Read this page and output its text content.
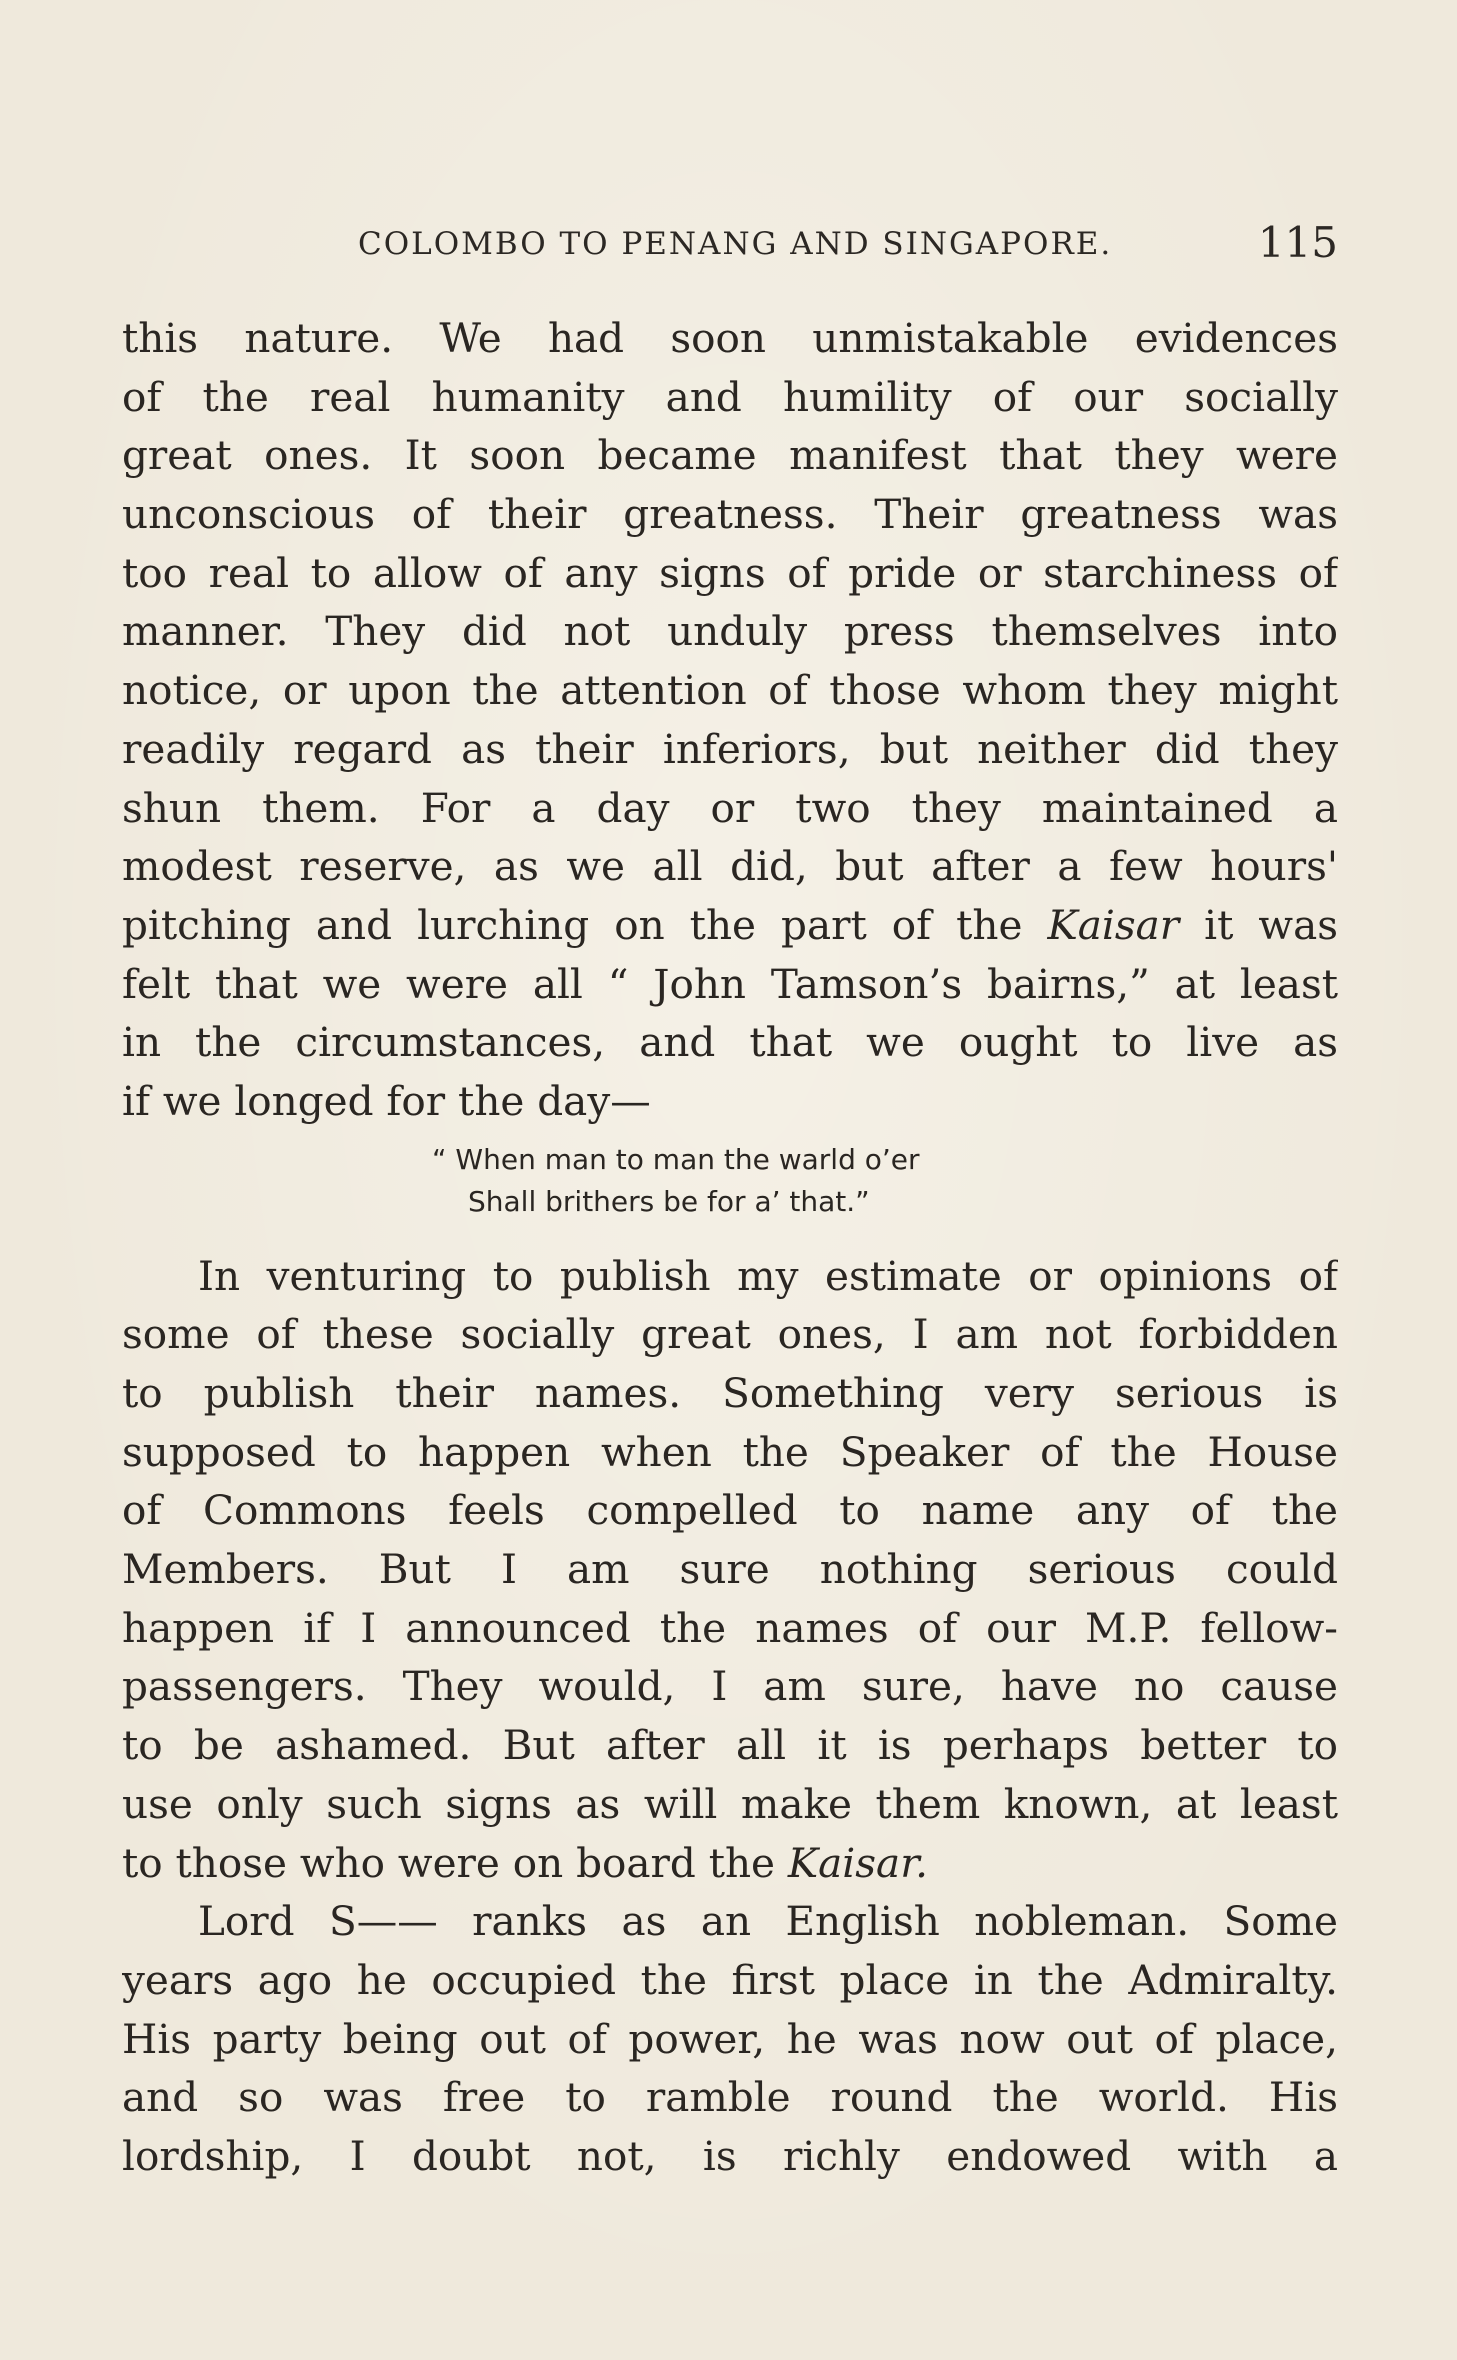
COLOMBO TO PENANG AND SINGAPORE.	115
this nature. We had soon unmistakable evidences
of the real humanity and humility of our socially
great ones. It soon became manifest that they were
unconscious of their greatness. Their greatness was
too real to allow of any signs of pride or starchiness of
manner. They did not unduly press themselves into
notice, or upon the attention of those whom they might
readily regard as their inferiors, but neither did they
shun them. For a day or two they maintained a
modest reserve, as we all did, but after a few hours'
pitching and lurching on the part of the Kaisar it was
felt that we were all “ John Tamson’s bairns,” at least
in the circumstances, and that we ought to live as
if we longed for the day—
“ When man to man the warld o’er
Shall brithers be for a’ that.”
In venturing to publish my estimate or opinions of
some of these socially great ones, I am not forbidden
to publish their names. Something very serious is
supposed to happen when the Speaker of the House
of Commons feels compelled to name any of the
Members. But I am sure nothing serious could
happen if I announced the names of our M.P. fellow-
passengers. They would, I am sure, have no cause
to be ashamed. But after all it is perhaps better to
use only such signs as will make them known, at least
to those who were on board the Kaisar.
Lord S—— ranks as an English nobleman. Some
years ago he occupied the first place in the Admiralty.
His party being out of power, he was now out of place,
and so was free to ramble round the world. His
lordship, I doubt not, is richly endowed with a
